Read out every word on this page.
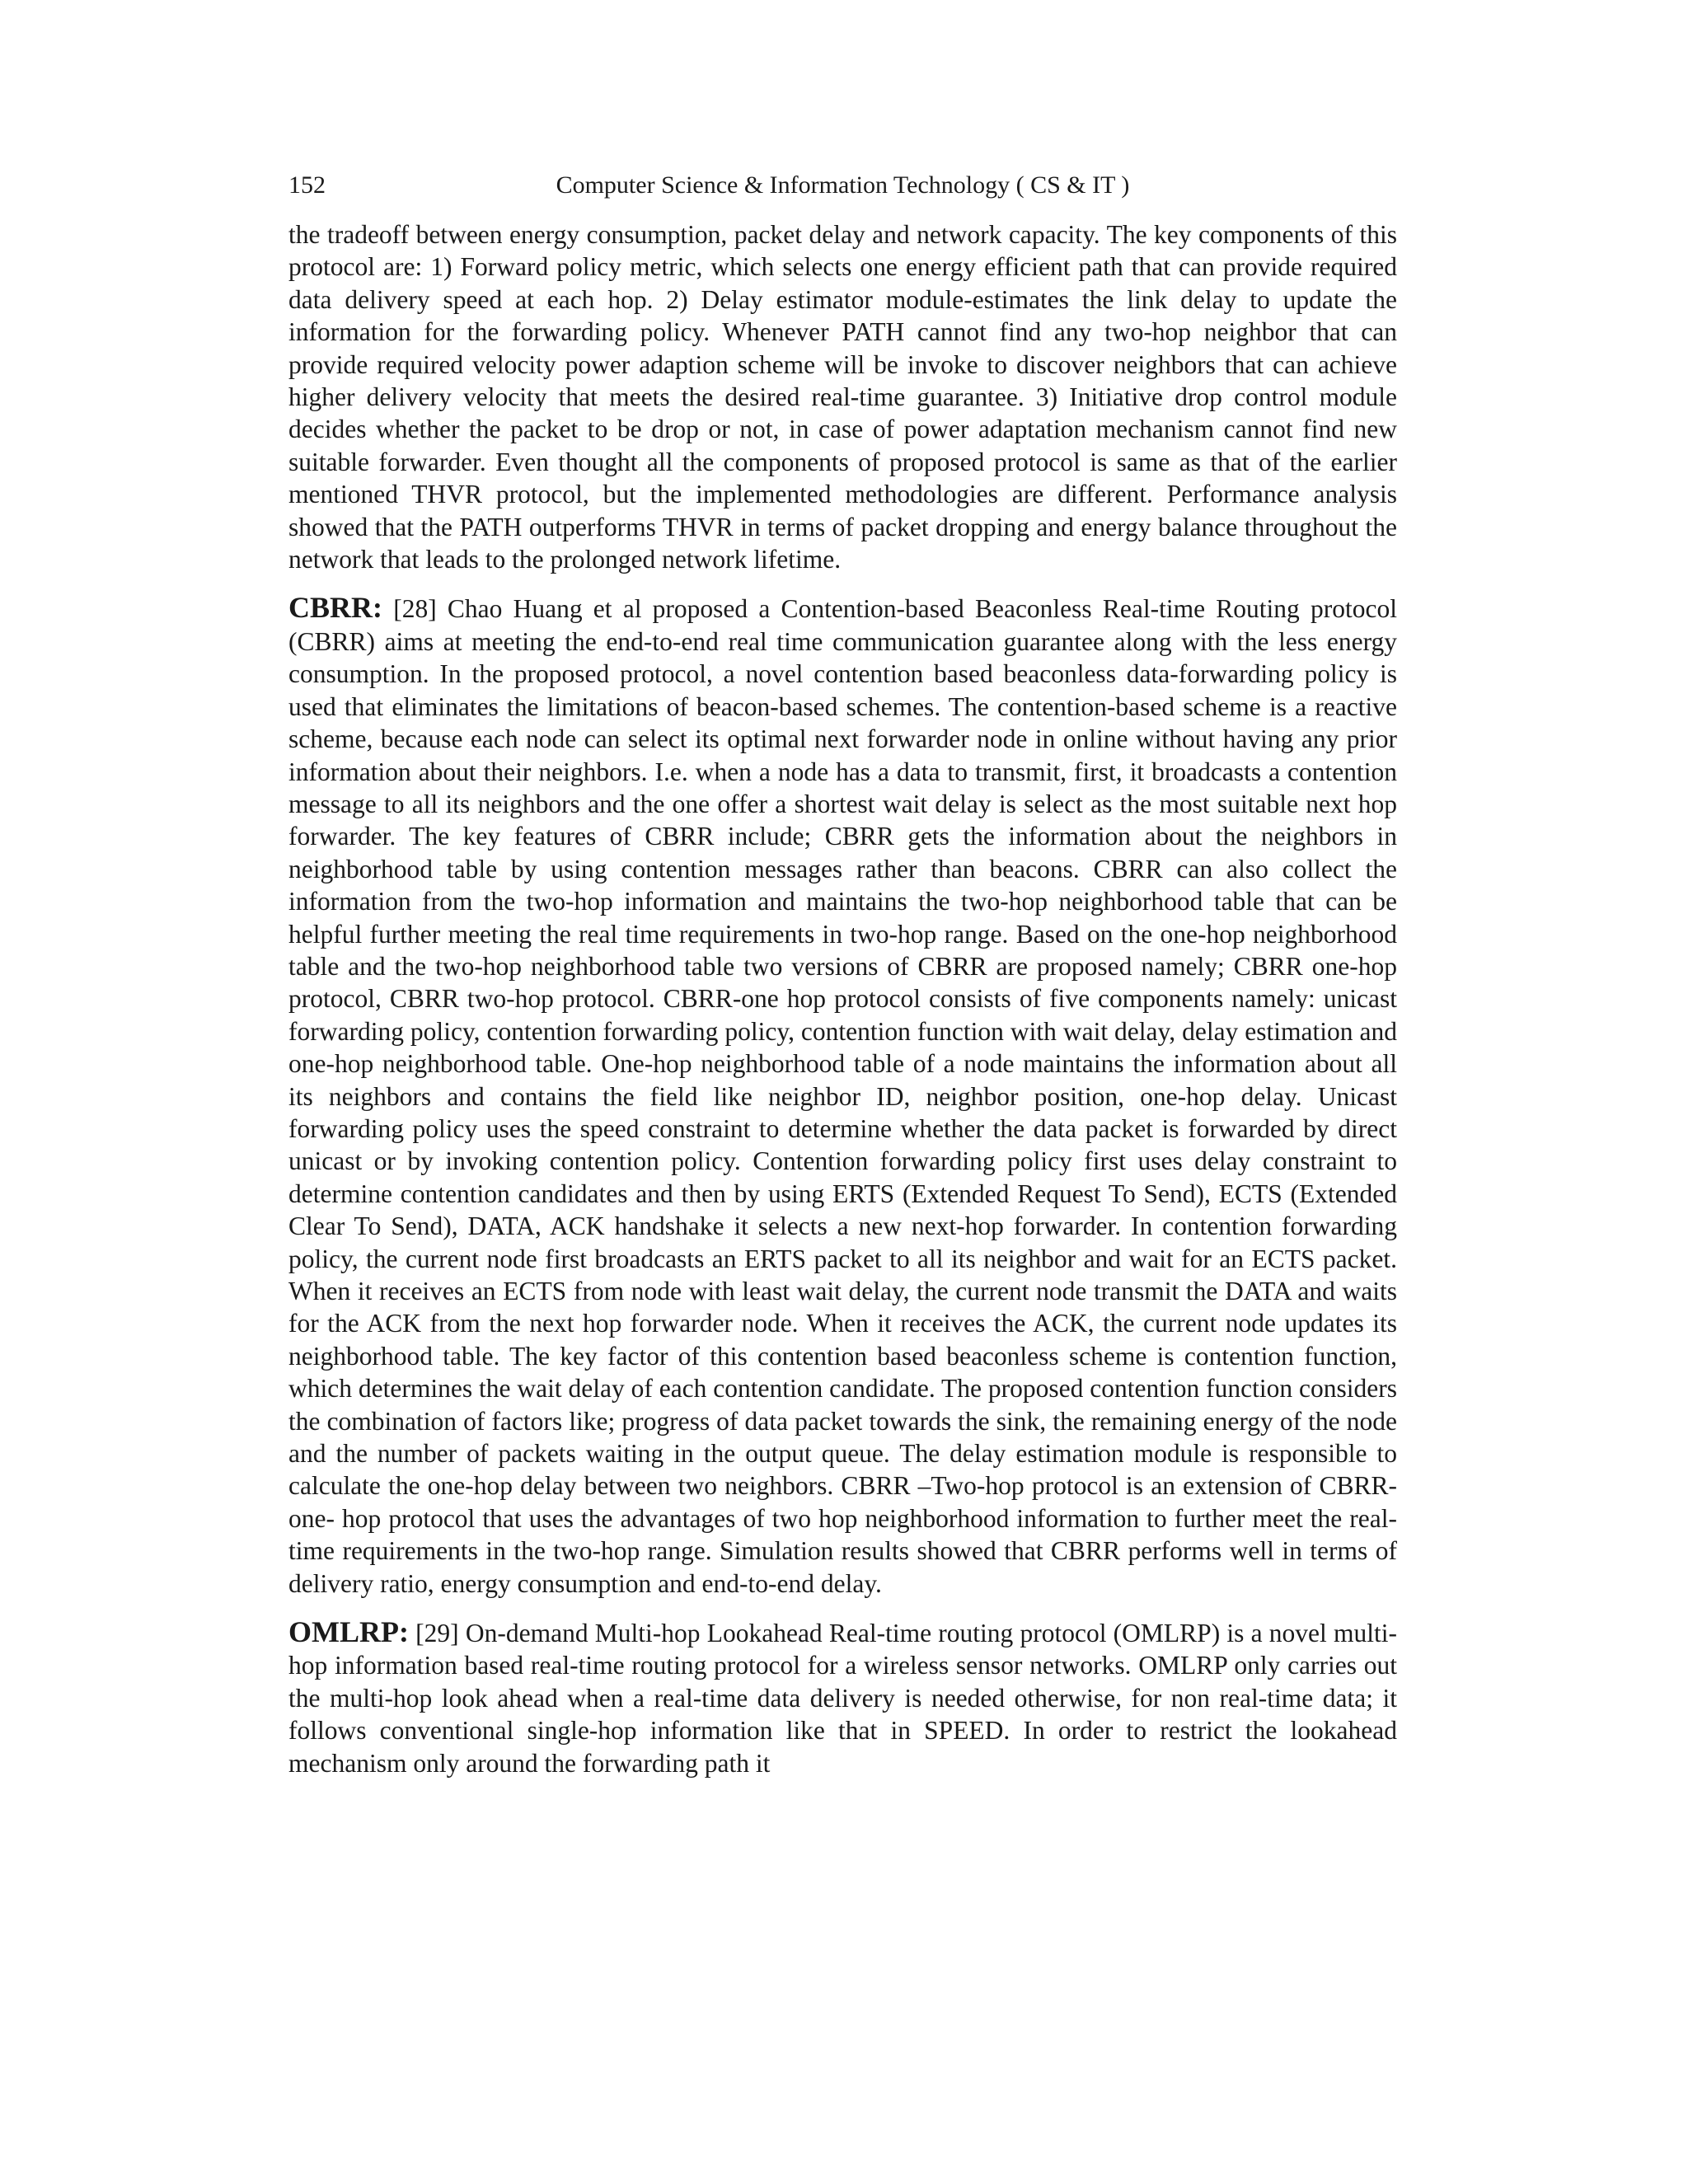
152	Computer Science & Information Technology ( CS & IT )

the tradeoff between energy consumption, packet delay and network capacity. The key components of this protocol are: 1) Forward policy metric, which selects one energy efficient path that can provide required data delivery speed at each hop. 2) Delay estimator module-estimates the link delay to update the information for the forwarding policy. Whenever PATH cannot find any two-hop neighbor that can provide required velocity power adaption scheme will be invoke to discover neighbors that can achieve higher delivery velocity that meets the desired real-time guarantee. 3) Initiative drop control module decides whether the packet to be drop or not, in case of power adaptation mechanism cannot find new suitable forwarder. Even thought all the components of proposed protocol is same as that of the earlier mentioned THVR protocol, but the implemented methodologies are different. Performance analysis showed that the PATH outperforms THVR in terms of packet dropping and energy balance throughout the network that leads to the prolonged network lifetime.

CBRR: [28] Chao Huang et al proposed a Contention-based Beaconless Real-time Routing protocol (CBRR) aims at meeting the end-to-end real time communication guarantee along with the less energy consumption. In the proposed protocol, a novel contention based beaconless data-forwarding policy is used that eliminates the limitations of beacon-based schemes. The contention-based scheme is a reactive scheme, because each node can select its optimal next forwarder node in online without having any prior information about their neighbors. I.e. when a node has a data to transmit, first, it broadcasts a contention message to all its neighbors and the one offer a shortest wait delay is select as the most suitable next hop forwarder. The key features of CBRR include; CBRR gets the information about the neighbors in neighborhood table by using contention messages rather than beacons. CBRR can also collect the information from the two-hop information and maintains the two-hop neighborhood table that can be helpful further meeting the real time requirements in two-hop range. Based on the one-hop neighborhood table and the two-hop neighborhood table two versions of CBRR are proposed namely; CBRR one-hop protocol, CBRR two-hop protocol. CBRR-one hop protocol consists of five components namely: unicast forwarding policy, contention forwarding policy, contention function with wait delay, delay estimation and one-hop neighborhood table. One-hop neighborhood table of a node maintains the information about all its neighbors and contains the field like neighbor ID, neighbor position, one-hop delay. Unicast forwarding policy uses the speed constraint to determine whether the data packet is forwarded by direct unicast or by invoking contention policy. Contention forwarding policy first uses delay constraint to determine contention candidates and then by using ERTS (Extended Request To Send), ECTS (Extended Clear To Send), DATA, ACK handshake it selects a new next-hop forwarder. In contention forwarding policy, the current node first broadcasts an ERTS packet to all its neighbor and wait for an ECTS packet. When it receives an ECTS from node with least wait delay, the current node transmit the DATA and waits for the ACK from the next hop forwarder node. When it receives the ACK, the current node updates its neighborhood table. The key factor of this contention based beaconless scheme is contention function, which determines the wait delay of each contention candidate. The proposed contention function considers the combination of factors like; progress of data packet towards the sink, the remaining energy of the node and the number of packets waiting in the output queue. The delay estimation module is responsible to calculate the one-hop delay between two neighbors. CBRR –Two-hop protocol is an extension of CBRR-one- hop protocol that uses the advantages of two hop neighborhood information to further meet the real-time requirements in the two-hop range. Simulation results showed that CBRR performs well in terms of delivery ratio, energy consumption and end-to-end delay.

OMLRP: [29] On-demand Multi-hop Lookahead Real-time routing protocol (OMLRP) is a novel multi-hop information based real-time routing protocol for a wireless sensor networks. OMLRP only carries out the multi-hop look ahead when a real-time data delivery is needed otherwise, for non real-time data; it follows conventional single-hop information like that in SPEED. In order to restrict the lookahead mechanism only around the forwarding path it
